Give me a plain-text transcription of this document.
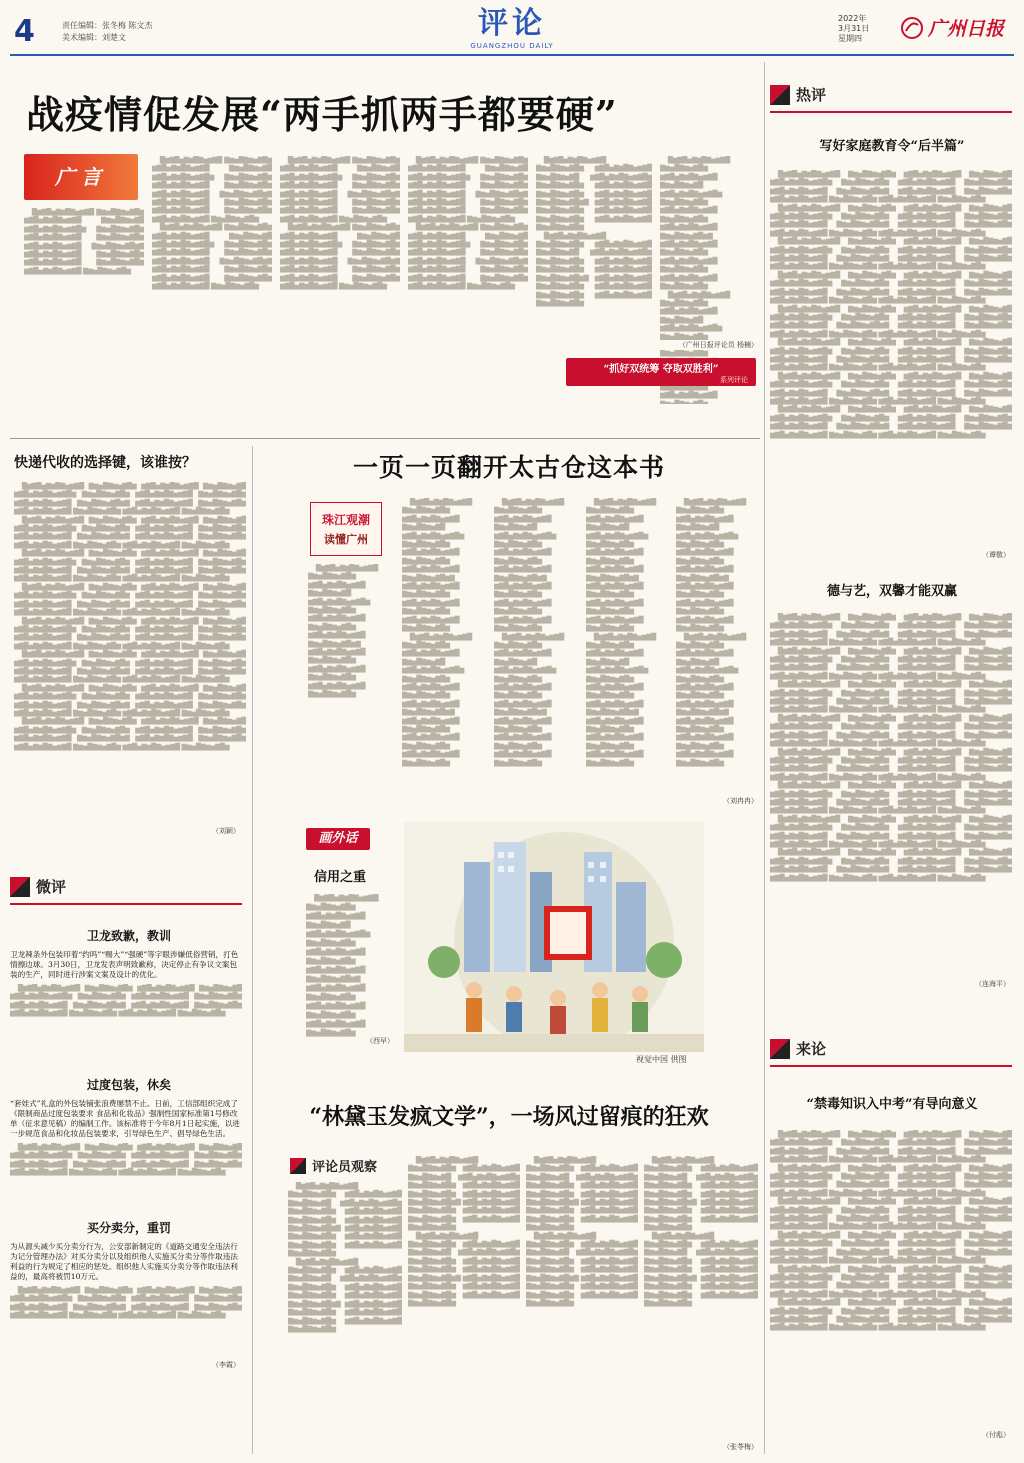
4	责任编辑：张冬梅 陈文杰
美术编辑：刘楚文	评论
GUANGZHOU DAILY
2022年
3月31日
星期四	广州日报
战疫情促发展“两手抓两手都要硬”
广言

█▆▇█▅▇▆█▇▅▆▇█ ▇▆▅█▇▆▅▇█▆ ▆▇█▅▇▆█▇▅▆▇█ ▇▆▅█▇▆▅▇█ ▆▇█▅▇▆█▇▅▆▇█▆ ▇▆▅█▇▆▅▇█▆ ▆▇█▅▇▆█▇▅▆▇█ ▇▆▅█▇▆▅▇█▆ ▆▇█▅▇▆█▇▅▆▇█ ▇▆▅█▇▆▅▇█▆▇ ▆▇█▅▇▆█▇▅▆▇█ ▇▆▅█▇▆▅▇█▆ ▆▇█▅▇▆█▇▅▆▇█ ▇▆▅█▇▆▅▇█▆ ▆▇█▅▇▆█▇▅▆▇█ ▇▆▅█▇▆▅▇█▆

█▆▇█▅▇▆█▇▅▆▇█ ▇▆▅█▇▆▅▇█▆ ▆▇█▅▇▆█▇▅▆▇█ ▇▆▅█▇▆▅▇█ ▆▇█▅▇▆█▇▅▆▇█▆ ▇▆▅█▇▆▅▇█▆ ▆▇█▅▇▆█▇▅▆▇█ ▇▆▅█▇▆▅▇█▆ ▆▇█▅▇▆█▇▅▆▇█ ▇▆▅█▇▆▅▇█▆▇ ▆▇█▅▇▆█▇▅▆▇█ ▇▆▅█▇▆▅▇█▆ ▆▇█▅▇▆█▇▅▆▇█ ▇▆▅█▇▆▅▇█▆ ▆▇█▅▇▆█▇▅▆▇█ ▇▆▅█▇▆▅▇█▆

█▆▇█▅▇▆█▇▅▆▇█ ▇▆▅█▇▆▅▇█▆ ▆▇█▅▇▆█▇▅▆▇█ ▇▆▅█▇▆▅▇█ ▆▇█▅▇▆█▇▅▆▇█▆ ▇▆▅█▇▆▅▇█▆ ▆▇█▅▇▆█▇▅▆▇█ ▇▆▅█▇▆▅▇█▆ ▆▇█▅▇▆█▇▅▆▇█ ▇▆▅█▇▆▅▇█▆▇ ▆▇█▅▇▆█▇▅▆▇█ ▇▆▅█▇▆▅▇█▆ ▆▇█▅▇▆█▇▅▆▇█ ▇▆▅█▇▆▅▇█▆ ▆▇█▅▇▆█▇▅▆▇█ ▇▆▅█▇▆▅▇█▆

█▆▇█▅▇▆█▇▅▆▇█ ▇▆▅█▇▆▅▇█▆ ▆▇█▅▇▆█▇▅▆▇█ ▇▆▅█▇▆▅▇█ ▆▇█▅▇▆█▇▅▆▇█▆ ▇▆▅█▇▆▅▇█▆ ▆▇█▅▇▆█▇▅▆▇█ ▇▆▅█▇▆▅▇█▆ ▆▇█▅▇▆█▇▅▆▇█ ▇▆▅█▇▆▅▇█▆▇ ▆▇█▅▇▆█▇▅▆▇█ ▇▆▅█▇▆▅▇█▆ ▆▇█▅▇▆█▇▅▆▇█ ▇▆▅█▇▆▅▇█▆ ▆▇█▅▇▆█▇▅▆▇█ ▇▆▅█▇▆▅▇█▆

█▆▇█▅▇▆█▇▅▆▇█ ▇▆▅█▇▆▅▇█▆ ▆▇█▅▇▆█▇▅▆▇█ ▇▆▅█▇▆▅▇█ ▆▇█▅▇▆█▇▅▆▇█▆ ▇▆▅█▇▆▅▇█▆ ▆▇█▅▇▆█▇▅▆▇█ ▇▆▅█▇▆▅▇█▆ ▆▇█▅▇▆█▇▅▆▇█ ▇▆▅█▇▆▅▇█▆▇ ▆▇█▅▇▆█▇▅▆▇█ ▇▆▅█▇▆▅▇█▆ ▆▇█▅▇▆█▇▅▆▇█ ▇▆▅█▇▆▅▇█▆ ▆▇█▅▇▆█▇▅▆▇█ ▇▆▅█▇▆▅▇█▆

█▆▇█▅▇▆█▇▅▆▇█ ▇▆▅█▇▆▅▇█▆ ▆▇█▅▇▆█▇▅▆▇█ ▇▆▅█▇▆▅▇█ ▆▇█▅▇▆█▇▅▆▇█▆ ▇▆▅█▇▆▅▇█▆ ▆▇█▅▇▆█▇▅▆▇█ ▇▆▅█▇▆▅▇█▆ ▆▇█▅▇▆█▇▅▆▇█ ▇▆▅█▇▆▅▇█▆▇ ▆▇█▅▇▆█▇▅▆▇█ ▇▆▅█▇▆▅▇█▆ ▆▇█▅▇▆█▇▅▆▇█ ▇▆▅█▇▆▅▇█▆ ▆▇█▅▇▆█▇▅▆▇█ ▇▆▅█▇▆▅▇█▆

█▆▇█▅▇▆█▇▅▆▇█ ▇▆▅█▇▆▅▇█▆ ▆▇█▅▇▆█▇▅▆▇█ ▇▆▅█▇▆▅▇█ ▆▇█▅▇▆█▇▅▆▇█▆ ▇▆▅█▇▆▅▇█▆ ▆▇█▅▇▆█▇▅▆▇█ ▇▆▅█▇▆▅▇█▆ ▆▇█▅▇▆█▇▅▆▇█ ▇▆▅█▇▆▅▇█▆▇ ▆▇█▅▇▆█▇▅▆▇█ ▇▆▅█▇▆▅▇█▆ ▆▇█▅▇▆█▇▅▆▇█ ▇▆▅█▇▆▅▇█▆ ▆▇█▅▇▆█▇▅▆▇█ ▇▆▅█▇▆▅▇█▆

█▆▇█▅▇▆█▇▅▆▇█ ▇▆▅█▇▆▅▇█▆ ▆▇█▅▇▆█▇▅▆▇█ ▇▆▅█▇▆▅▇█ ▆▇█▅▇▆█▇▅▆▇█▆ ▇▆▅█▇▆▅▇█▆ ▆▇█▅▇▆█▇▅▆▇█ ▇▆▅█▇▆▅▇█▆ ▆▇█▅▇▆█▇▅▆▇█ ▇▆▅█▇▆▅▇█▆▇ ▆▇█▅▇▆█▇▅▆▇█ ▇▆▅█▇▆▅▇█▆ ▆▇█▅▇▆█▇▅▆▇█ ▇▆▅█▇▆▅▇█▆ ▆▇█▅▇▆█▇▅▆▇█ ▇▆▅█▇▆▅▇█▆

█▆▇█▅▇▆█▇▅▆▇█ ▇▆▅█▇▆▅▇█▆ ▆▇█▅▇▆█▇▅▆▇█ ▇▆▅█▇▆▅▇█ ▆▇█▅▇▆█▇▅▆▇█▆ ▇▆▅█▇▆▅▇█▆ ▆▇█▅▇▆█▇▅▆▇█ ▇▆▅█▇▆▅▇█▆ ▆▇█▅▇▆█▇▅▆▇█ ▇▆▅█▇▆▅▇█▆▇ ▆▇█▅▇▆█▇▅▆▇█ ▇▆▅█▇▆▅▇█▆ ▆▇█▅▇▆█▇▅▆▇█ ▇▆▅█▇▆▅▇█▆ ▆▇█▅▇▆█▇▅▆▇█ ▇▆▅█▇▆▅▇█▆

█▆▇█▅▇▆█▇▅▆▇█ ▇▆▅█▇▆▅▇█▆ ▆▇█▅▇▆█▇▅▆▇█ ▇▆▅█▇▆▅▇█ ▆▇█▅▇▆█▇▅▆▇█▆ ▇▆▅█▇▆▅▇█▆ ▆▇█▅▇▆█▇▅▆▇█ ▇▆▅█▇▆▅▇█▆ ▆▇█▅▇▆█▇▅▆▇█ ▇▆▅█▇▆▅▇█▆▇ ▆▇█▅▇▆█▇▅▆▇█ ▇▆▅█▇▆▅▇█▆ ▆▇█▅▇▆█▇▅▆▇█ ▇▆▅█▇▆▅▇█▆ ▆▇█▅▇▆█▇▅▆▇█ ▇▆▅█▇▆▅▇█▆

█▆▇█▅▇▆█▇▅▆▇█ ▇▆▅█▇▆▅▇█▆ ▆▇█▅▇▆█▇▅▆▇█ ▇▆▅█▇▆▅▇█ ▆▇█▅▇▆█▇▅▆▇█▆ ▇▆▅█▇▆▅▇█▆ ▆▇█▅▇▆█▇▅▆▇█ ▇▆▅█▇▆▅▇█▆ ▆▇█▅▇▆█▇▅▆▇█ ▇▆▅█▇▆▅▇█▆▇ ▆▇█▅▇▆█▇▅▆▇█ ▇▆▅█▇▆▅▇█▆ ▆▇█▅▇▆█▇▅▆▇█ ▇▆▅█▇▆▅▇█▆ ▆▇█▅▇▆█▇▅▆▇█ ▇▆▅█▇▆▅▇█▆

（广州日报评论员 杨楠）
“抓好双统筹 夺取双胜利”
系列评论
快递代收的选择键，该谁按？

█▆▇█▅▇▆█▇▅▆▇█ ▇▆▅█▇▆▅▇█▆ ▆▇█▅▇▆█▇▅▆▇█ ▇▆▅█▇▆▅▇█ ▆▇█▅▇▆█▇▅▆▇█▆ ▇▆▅█▇▆▅▇█▆ ▆▇█▅▇▆█▇▅▆▇█ ▇▆▅█▇▆▅▇█▆ ▆▇█▅▇▆█▇▅▆▇█ ▇▆▅█▇▆▅▇█▆▇ ▆▇█▅▇▆█▇▅▆▇█ ▇▆▅█▇▆▅▇█▆ ▆▇█▅▇▆█▇▅▆▇█ ▇▆▅█▇▆▅▇█▆ ▆▇█▅▇▆█▇▅▆▇█ ▇▆▅█▇▆▅▇█▆

█▆▇█▅▇▆█▇▅▆▇█ ▇▆▅█▇▆▅▇█▆ ▆▇█▅▇▆█▇▅▆▇█ ▇▆▅█▇▆▅▇█ ▆▇█▅▇▆█▇▅▆▇█▆ ▇▆▅█▇▆▅▇█▆ ▆▇█▅▇▆█▇▅▆▇█ ▇▆▅█▇▆▅▇█▆ ▆▇█▅▇▆█▇▅▆▇█ ▇▆▅█▇▆▅▇█▆▇ ▆▇█▅▇▆█▇▅▆▇█ ▇▆▅█▇▆▅▇█▆ ▆▇█▅▇▆█▇▅▆▇█ ▇▆▅█▇▆▅▇█▆ ▆▇█▅▇▆█▇▅▆▇█ ▇▆▅█▇▆▅▇█▆

█▆▇█▅▇▆█▇▅▆▇█ ▇▆▅█▇▆▅▇█▆ ▆▇█▅▇▆█▇▅▆▇█ ▇▆▅█▇▆▅▇█ ▆▇█▅▇▆█▇▅▆▇█▆ ▇▆▅█▇▆▅▇█▆ ▆▇█▅▇▆█▇▅▆▇█ ▇▆▅█▇▆▅▇█▆ ▆▇█▅▇▆█▇▅▆▇█ ▇▆▅█▇▆▅▇█▆▇ ▆▇█▅▇▆█▇▅▆▇█ ▇▆▅█▇▆▅▇█▆ ▆▇█▅▇▆█▇▅▆▇█ ▇▆▅█▇▆▅▇█▆ ▆▇█▅▇▆█▇▅▆▇█ ▇▆▅█▇▆▅▇█▆

█▆▇█▅▇▆█▇▅▆▇█ ▇▆▅█▇▆▅▇█▆ ▆▇█▅▇▆█▇▅▆▇█ ▇▆▅█▇▆▅▇█ ▆▇█▅▇▆█▇▅▆▇█▆ ▇▆▅█▇▆▅▇█▆ ▆▇█▅▇▆█▇▅▆▇█ ▇▆▅█▇▆▅▇█▆ ▆▇█▅▇▆█▇▅▆▇█ ▇▆▅█▇▆▅▇█▆▇ ▆▇█▅▇▆█▇▅▆▇█ ▇▆▅█▇▆▅▇█▆ ▆▇█▅▇▆█▇▅▆▇█ ▇▆▅█▇▆▅▇█▆ ▆▇█▅▇▆█▇▅▆▇█ ▇▆▅█▇▆▅▇█▆

█▆▇█▅▇▆█▇▅▆▇█ ▇▆▅█▇▆▅▇█▆ ▆▇█▅▇▆█▇▅▆▇█ ▇▆▅█▇▆▅▇█ ▆▇█▅▇▆█▇▅▆▇█▆ ▇▆▅█▇▆▅▇█▆ ▆▇█▅▇▆█▇▅▆▇█ ▇▆▅█▇▆▅▇█▆ ▆▇█▅▇▆█▇▅▆▇█ ▇▆▅█▇▆▅▇█▆▇ ▆▇█▅▇▆█▇▅▆▇█ ▇▆▅█▇▆▅▇█▆ ▆▇█▅▇▆█▇▅▆▇█ ▇▆▅█▇▆▅▇█▆ ▆▇█▅▇▆█▇▅▆▇█ ▇▆▅█▇▆▅▇█▆

█▆▇█▅▇▆█▇▅▆▇█ ▇▆▅█▇▆▅▇█▆ ▆▇█▅▇▆█▇▅▆▇█ ▇▆▅█▇▆▅▇█ ▆▇█▅▇▆█▇▅▆▇█▆ ▇▆▅█▇▆▅▇█▆ ▆▇█▅▇▆█▇▅▆▇█ ▇▆▅█▇▆▅▇█▆ ▆▇█▅▇▆█▇▅▆▇█ ▇▆▅█▇▆▅▇█▆▇ ▆▇█▅▇▆█▇▅▆▇█ ▇▆▅█▇▆▅▇█▆ ▆▇█▅▇▆█▇▅▆▇█ ▇▆▅█▇▆▅▇█▆ ▆▇█▅▇▆█▇▅▆▇█ ▇▆▅█▇▆▅▇█▆

█▆▇█▅▇▆█▇▅▆▇█ ▇▆▅█▇▆▅▇█▆ ▆▇█▅▇▆█▇▅▆▇█ ▇▆▅█▇▆▅▇█ ▆▇█▅▇▆█▇▅▆▇█▆ ▇▆▅█▇▆▅▇█▆ ▆▇█▅▇▆█▇▅▆▇█ ▇▆▅█▇▆▅▇█▆ ▆▇█▅▇▆█▇▅▆▇█ ▇▆▅█▇▆▅▇█▆▇ ▆▇█▅▇▆█▇▅▆▇█ ▇▆▅█▇▆▅▇█▆ ▆▇█▅▇▆█▇▅▆▇█ ▇▆▅█▇▆▅▇█▆ ▆▇█▅▇▆█▇▅▆▇█ ▇▆▅█▇▆▅▇█▆

█▆▇█▅▇▆█▇▅▆▇█ ▇▆▅█▇▆▅▇█▆ ▆▇█▅▇▆█▇▅▆▇█ ▇▆▅█▇▆▅▇█ ▆▇█▅▇▆█▇▅▆▇█▆ ▇▆▅█▇▆▅▇█▆ ▆▇█▅▇▆█▇▅▆▇█ ▇▆▅█▇▆▅▇█▆ ▆▇█▅▇▆█▇▅▆▇█ ▇▆▅█▇▆▅▇█▆▇ ▆▇█▅▇▆█▇▅▆▇█ ▇▆▅█▇▆▅▇█▆ ▆▇█▅▇▆█▇▅▆▇█ ▇▆▅█▇▆▅▇█▆ ▆▇█▅▇▆█▇▅▆▇█ ▇▆▅█▇▆▅▇█▆

（刘颖）
微评
卫龙致歉，教训
卫龙辣条外包装印着“约吗”“赐大”“强硬”等字眼涉嫌低俗营销，打色情擦边球。3月30日，卫龙发表声明致歉称，决定停止有争议文案包装的生产，同时进行涉案文案及设计的优化。

█▆▇█▅▇▆█▇▅▆▇█ ▇▆▅█▇▆▅▇█▆ ▆▇█▅▇▆█▇▅▆▇█ ▇▆▅█▇▆▅▇█ ▆▇█▅▇▆█▇▅▆▇█▆ ▇▆▅█▇▆▅▇█▆ ▆▇█▅▇▆█▇▅▆▇█ ▇▆▅█▇▆▅▇█▆ ▆▇█▅▇▆█▇▅▆▇█ ▇▆▅█▇▆▅▇█▆▇ ▆▇█▅▇▆█▇▅▆▇█ ▇▆▅█▇▆▅▇█▆ ▆▇█▅▇▆█▇▅▆▇█ ▇▆▅█▇▆▅▇█▆ ▆▇█▅▇▆█▇▅▆▇█ ▇▆▅█▇▆▅▇█▆

过度包装，休矣
“套娃式”礼盒的外包装铺张浪费屡禁不止。日前，工信部组织完成了《限制商品过度包装要求 食品和化妆品》强制性国家标准第1号修改单（征求意见稿）的编制工作。该标准将于今年8月1日起实施，以进一步规范食品和化妆品包装要求，引导绿色生产、倡导绿色生活。

█▆▇█▅▇▆█▇▅▆▇█ ▇▆▅█▇▆▅▇█▆ ▆▇█▅▇▆█▇▅▆▇█ ▇▆▅█▇▆▅▇█ ▆▇█▅▇▆█▇▅▆▇█▆ ▇▆▅█▇▆▅▇█▆ ▆▇█▅▇▆█▇▅▆▇█ ▇▆▅█▇▆▅▇█▆ ▆▇█▅▇▆█▇▅▆▇█ ▇▆▅█▇▆▅▇█▆▇ ▆▇█▅▇▆█▇▅▆▇█ ▇▆▅█▇▆▅▇█▆ ▆▇█▅▇▆█▇▅▆▇█ ▇▆▅█▇▆▅▇█▆ ▆▇█▅▇▆█▇▅▆▇█ ▇▆▅█▇▆▅▇█▆

买分卖分，重罚
为从源头减少买分卖分行为，公安部新制定的《道路交通安全违法行为记分管理办法》对买分卖分以及组织他人实施买分卖分等作取违法利益的行为规定了相应的惩处。组织他人实施买分卖分等作取违法利益的，最高将被罚10万元。

█▆▇█▅▇▆█▇▅▆▇█ ▇▆▅█▇▆▅▇█▆ ▆▇█▅▇▆█▇▅▆▇█ ▇▆▅█▇▆▅▇█ ▆▇█▅▇▆█▇▅▆▇█▆ ▇▆▅█▇▆▅▇█▆ ▆▇█▅▇▆█▇▅▆▇█ ▇▆▅█▇▆▅▇█▆ ▆▇█▅▇▆█▇▅▆▇█ ▇▆▅█▇▆▅▇█▆▇ ▆▇█▅▇▆█▇▅▆▇█ ▇▆▅█▇▆▅▇█▆ ▆▇█▅▇▆█▇▅▆▇█ ▇▆▅█▇▆▅▇█▆ ▆▇█▅▇▆█▇▅▆▇█ ▇▆▅█▇▆▅▇█▆

（李霞）
一页一页翻开太古仓这本书
珠江观潮
读懂广州

█▆▇█▅▇▆█▇▅▆▇█ ▇▆▅█▇▆▅▇█▆ ▆▇█▅▇▆█▇▅▆▇█ ▇▆▅█▇▆▅▇█ ▆▇█▅▇▆█▇▅▆▇█▆ ▇▆▅█▇▆▅▇█▆ ▆▇█▅▇▆█▇▅▆▇█ ▇▆▅█▇▆▅▇█▆ ▆▇█▅▇▆█▇▅▆▇█ ▇▆▅█▇▆▅▇█▆▇ ▆▇█▅▇▆█▇▅▆▇█ ▇▆▅█▇▆▅▇█▆ ▆▇█▅▇▆█▇▅▆▇█ ▇▆▅█▇▆▅▇█▆ ▆▇█▅▇▆█▇▅▆▇█ ▇▆▅█▇▆▅▇█▆

█▆▇█▅▇▆█▇▅▆▇█ ▇▆▅█▇▆▅▇█▆ ▆▇█▅▇▆█▇▅▆▇█ ▇▆▅█▇▆▅▇█ ▆▇█▅▇▆█▇▅▆▇█▆ ▇▆▅█▇▆▅▇█▆ ▆▇█▅▇▆█▇▅▆▇█ ▇▆▅█▇▆▅▇█▆ ▆▇█▅▇▆█▇▅▆▇█ ▇▆▅█▇▆▅▇█▆▇ ▆▇█▅▇▆█▇▅▆▇█ ▇▆▅█▇▆▅▇█▆ ▆▇█▅▇▆█▇▅▆▇█ ▇▆▅█▇▆▅▇█▆ ▆▇█▅▇▆█▇▅▆▇█ ▇▆▅█▇▆▅▇█▆

█▆▇█▅▇▆█▇▅▆▇█ ▇▆▅█▇▆▅▇█▆ ▆▇█▅▇▆█▇▅▆▇█ ▇▆▅█▇▆▅▇█ ▆▇█▅▇▆█▇▅▆▇█▆ ▇▆▅█▇▆▅▇█▆ ▆▇█▅▇▆█▇▅▆▇█ ▇▆▅█▇▆▅▇█▆ ▆▇█▅▇▆█▇▅▆▇█ ▇▆▅█▇▆▅▇█▆▇ ▆▇█▅▇▆█▇▅▆▇█ ▇▆▅█▇▆▅▇█▆ ▆▇█▅▇▆█▇▅▆▇█ ▇▆▅█▇▆▅▇█▆ ▆▇█▅▇▆█▇▅▆▇█ ▇▆▅█▇▆▅▇█▆

█▆▇█▅▇▆█▇▅▆▇█ ▇▆▅█▇▆▅▇█▆ ▆▇█▅▇▆█▇▅▆▇█ ▇▆▅█▇▆▅▇█ ▆▇█▅▇▆█▇▅▆▇█▆ ▇▆▅█▇▆▅▇█▆ ▆▇█▅▇▆█▇▅▆▇█ ▇▆▅█▇▆▅▇█▆ ▆▇█▅▇▆█▇▅▆▇█ ▇▆▅█▇▆▅▇█▆▇ ▆▇█▅▇▆█▇▅▆▇█ ▇▆▅█▇▆▅▇█▆ ▆▇█▅▇▆█▇▅▆▇█ ▇▆▅█▇▆▅▇█▆ ▆▇█▅▇▆█▇▅▆▇█ ▇▆▅█▇▆▅▇█▆

█▆▇█▅▇▆█▇▅▆▇█ ▇▆▅█▇▆▅▇█▆ ▆▇█▅▇▆█▇▅▆▇█ ▇▆▅█▇▆▅▇█ ▆▇█▅▇▆█▇▅▆▇█▆ ▇▆▅█▇▆▅▇█▆ ▆▇█▅▇▆█▇▅▆▇█ ▇▆▅█▇▆▅▇█▆ ▆▇█▅▇▆█▇▅▆▇█ ▇▆▅█▇▆▅▇█▆▇ ▆▇█▅▇▆█▇▅▆▇█ ▇▆▅█▇▆▅▇█▆ ▆▇█▅▇▆█▇▅▆▇█ ▇▆▅█▇▆▅▇█▆ ▆▇█▅▇▆█▇▅▆▇█ ▇▆▅█▇▆▅▇█▆

█▆▇█▅▇▆█▇▅▆▇█ ▇▆▅█▇▆▅▇█▆ ▆▇█▅▇▆█▇▅▆▇█ ▇▆▅█▇▆▅▇█ ▆▇█▅▇▆█▇▅▆▇█▆ ▇▆▅█▇▆▅▇█▆ ▆▇█▅▇▆█▇▅▆▇█ ▇▆▅█▇▆▅▇█▆ ▆▇█▅▇▆█▇▅▆▇█ ▇▆▅█▇▆▅▇█▆▇ ▆▇█▅▇▆█▇▅▆▇█ ▇▆▅█▇▆▅▇█▆ ▆▇█▅▇▆█▇▅▆▇█ ▇▆▅█▇▆▅▇█▆ ▆▇█▅▇▆█▇▅▆▇█ ▇▆▅█▇▆▅▇█▆

█▆▇█▅▇▆█▇▅▆▇█ ▇▆▅█▇▆▅▇█▆ ▆▇█▅▇▆█▇▅▆▇█ ▇▆▅█▇▆▅▇█ ▆▇█▅▇▆█▇▅▆▇█▆ ▇▆▅█▇▆▅▇█▆ ▆▇█▅▇▆█▇▅▆▇█ ▇▆▅█▇▆▅▇█▆ ▆▇█▅▇▆█▇▅▆▇█ ▇▆▅█▇▆▅▇█▆▇ ▆▇█▅▇▆█▇▅▆▇█ ▇▆▅█▇▆▅▇█▆ ▆▇█▅▇▆█▇▅▆▇█ ▇▆▅█▇▆▅▇█▆ ▆▇█▅▇▆█▇▅▆▇█ ▇▆▅█▇▆▅▇█▆

█▆▇█▅▇▆█▇▅▆▇█ ▇▆▅█▇▆▅▇█▆ ▆▇█▅▇▆█▇▅▆▇█ ▇▆▅█▇▆▅▇█ ▆▇█▅▇▆█▇▅▆▇█▆ ▇▆▅█▇▆▅▇█▆ ▆▇█▅▇▆█▇▅▆▇█ ▇▆▅█▇▆▅▇█▆ ▆▇█▅▇▆█▇▅▆▇█ ▇▆▅█▇▆▅▇█▆▇ ▆▇█▅▇▆█▇▅▆▇█ ▇▆▅█▇▆▅▇█▆ ▆▇█▅▇▆█▇▅▆▇█ ▇▆▅█▇▆▅▇█▆ ▆▇█▅▇▆█▇▅▆▇█ ▇▆▅█▇▆▅▇█▆

█▆▇█▅▇▆█▇▅▆▇█ ▇▆▅█▇▆▅▇█▆ ▆▇█▅▇▆█▇▅▆▇█ ▇▆▅█▇▆▅▇█ ▆▇█▅▇▆█▇▅▆▇█▆ ▇▆▅█▇▆▅▇█▆ ▆▇█▅▇▆█▇▅▆▇█ ▇▆▅█▇▆▅▇█▆ ▆▇█▅▇▆█▇▅▆▇█ ▇▆▅█▇▆▅▇█▆▇ ▆▇█▅▇▆█▇▅▆▇█ ▇▆▅█▇▆▅▇█▆ ▆▇█▅▇▆█▇▅▆▇█ ▇▆▅█▇▆▅▇█▆ ▆▇█▅▇▆█▇▅▆▇█ ▇▆▅█▇▆▅▇█▆

（刘冉冉）
画外话
信用之重

█▆▇█▅▇▆█▇▅▆▇█ ▇▆▅█▇▆▅▇█▆ ▆▇█▅▇▆█▇▅▆▇█ ▇▆▅█▇▆▅▇█ ▆▇█▅▇▆█▇▅▆▇█▆ ▇▆▅█▇▆▅▇█▆ ▆▇█▅▇▆█▇▅▆▇█ ▇▆▅█▇▆▅▇█▆ ▆▇█▅▇▆█▇▅▆▇█ ▇▆▅█▇▆▅▇█▆▇ ▆▇█▅▇▆█▇▅▆▇█ ▇▆▅█▇▆▅▇█▆ ▆▇█▅▇▆█▇▅▆▇█ ▇▆▅█▇▆▅▇█▆ ▆▇█▅▇▆█▇▅▆▇█ ▇▆▅█▇▆▅▇█▆

（西早）
视觉中国 供图
“林黛玉发疯文学”，一场风过留痕的狂欢
评论员观察

█▆▇█▅▇▆█▇▅▆▇█ ▇▆▅█▇▆▅▇█▆ ▆▇█▅▇▆█▇▅▆▇█ ▇▆▅█▇▆▅▇█ ▆▇█▅▇▆█▇▅▆▇█▆ ▇▆▅█▇▆▅▇█▆ ▆▇█▅▇▆█▇▅▆▇█ ▇▆▅█▇▆▅▇█▆ ▆▇█▅▇▆█▇▅▆▇█ ▇▆▅█▇▆▅▇█▆▇ ▆▇█▅▇▆█▇▅▆▇█ ▇▆▅█▇▆▅▇█▆ ▆▇█▅▇▆█▇▅▆▇█ ▇▆▅█▇▆▅▇█▆ ▆▇█▅▇▆█▇▅▆▇█ ▇▆▅█▇▆▅▇█▆

█▆▇█▅▇▆█▇▅▆▇█ ▇▆▅█▇▆▅▇█▆ ▆▇█▅▇▆█▇▅▆▇█ ▇▆▅█▇▆▅▇█ ▆▇█▅▇▆█▇▅▆▇█▆ ▇▆▅█▇▆▅▇█▆ ▆▇█▅▇▆█▇▅▆▇█ ▇▆▅█▇▆▅▇█▆ ▆▇█▅▇▆█▇▅▆▇█ ▇▆▅█▇▆▅▇█▆▇ ▆▇█▅▇▆█▇▅▆▇█ ▇▆▅█▇▆▅▇█▆ ▆▇█▅▇▆█▇▅▆▇█ ▇▆▅█▇▆▅▇█▆ ▆▇█▅▇▆█▇▅▆▇█ ▇▆▅█▇▆▅▇█▆

█▆▇█▅▇▆█▇▅▆▇█ ▇▆▅█▇▆▅▇█▆ ▆▇█▅▇▆█▇▅▆▇█ ▇▆▅█▇▆▅▇█ ▆▇█▅▇▆█▇▅▆▇█▆ ▇▆▅█▇▆▅▇█▆ ▆▇█▅▇▆█▇▅▆▇█ ▇▆▅█▇▆▅▇█▆ ▆▇█▅▇▆█▇▅▆▇█ ▇▆▅█▇▆▅▇█▆▇ ▆▇█▅▇▆█▇▅▆▇█ ▇▆▅█▇▆▅▇█▆ ▆▇█▅▇▆█▇▅▆▇█ ▇▆▅█▇▆▅▇█▆ ▆▇█▅▇▆█▇▅▆▇█ ▇▆▅█▇▆▅▇█▆

█▆▇█▅▇▆█▇▅▆▇█ ▇▆▅█▇▆▅▇█▆ ▆▇█▅▇▆█▇▅▆▇█ ▇▆▅█▇▆▅▇█ ▆▇█▅▇▆█▇▅▆▇█▆ ▇▆▅█▇▆▅▇█▆ ▆▇█▅▇▆█▇▅▆▇█ ▇▆▅█▇▆▅▇█▆ ▆▇█▅▇▆█▇▅▆▇█ ▇▆▅█▇▆▅▇█▆▇ ▆▇█▅▇▆█▇▅▆▇█ ▇▆▅█▇▆▅▇█▆ ▆▇█▅▇▆█▇▅▆▇█ ▇▆▅█▇▆▅▇█▆ ▆▇█▅▇▆█▇▅▆▇█ ▇▆▅█▇▆▅▇█▆

█▆▇█▅▇▆█▇▅▆▇█ ▇▆▅█▇▆▅▇█▆ ▆▇█▅▇▆█▇▅▆▇█ ▇▆▅█▇▆▅▇█ ▆▇█▅▇▆█▇▅▆▇█▆ ▇▆▅█▇▆▅▇█▆ ▆▇█▅▇▆█▇▅▆▇█ ▇▆▅█▇▆▅▇█▆ ▆▇█▅▇▆█▇▅▆▇█ ▇▆▅█▇▆▅▇█▆▇ ▆▇█▅▇▆█▇▅▆▇█ ▇▆▅█▇▆▅▇█▆ ▆▇█▅▇▆█▇▅▆▇█ ▇▆▅█▇▆▅▇█▆ ▆▇█▅▇▆█▇▅▆▇█ ▇▆▅█▇▆▅▇█▆

█▆▇█▅▇▆█▇▅▆▇█ ▇▆▅█▇▆▅▇█▆ ▆▇█▅▇▆█▇▅▆▇█ ▇▆▅█▇▆▅▇█ ▆▇█▅▇▆█▇▅▆▇█▆ ▇▆▅█▇▆▅▇█▆ ▆▇█▅▇▆█▇▅▆▇█ ▇▆▅█▇▆▅▇█▆ ▆▇█▅▇▆█▇▅▆▇█ ▇▆▅█▇▆▅▇█▆▇ ▆▇█▅▇▆█▇▅▆▇█ ▇▆▅█▇▆▅▇█▆ ▆▇█▅▇▆█▇▅▆▇█ ▇▆▅█▇▆▅▇█▆ ▆▇█▅▇▆█▇▅▆▇█ ▇▆▅█▇▆▅▇█▆

█▆▇█▅▇▆█▇▅▆▇█ ▇▆▅█▇▆▅▇█▆ ▆▇█▅▇▆█▇▅▆▇█ ▇▆▅█▇▆▅▇█ ▆▇█▅▇▆█▇▅▆▇█▆ ▇▆▅█▇▆▅▇█▆ ▆▇█▅▇▆█▇▅▆▇█ ▇▆▅█▇▆▅▇█▆ ▆▇█▅▇▆█▇▅▆▇█ ▇▆▅█▇▆▅▇█▆▇ ▆▇█▅▇▆█▇▅▆▇█ ▇▆▅█▇▆▅▇█▆ ▆▇█▅▇▆█▇▅▆▇█ ▇▆▅█▇▆▅▇█▆ ▆▇█▅▇▆█▇▅▆▇█ ▇▆▅█▇▆▅▇█▆

█▆▇█▅▇▆█▇▅▆▇█ ▇▆▅█▇▆▅▇█▆ ▆▇█▅▇▆█▇▅▆▇█ ▇▆▅█▇▆▅▇█ ▆▇█▅▇▆█▇▅▆▇█▆ ▇▆▅█▇▆▅▇█▆ ▆▇█▅▇▆█▇▅▆▇█ ▇▆▅█▇▆▅▇█▆ ▆▇█▅▇▆█▇▅▆▇█ ▇▆▅█▇▆▅▇█▆▇ ▆▇█▅▇▆█▇▅▆▇█ ▇▆▅█▇▆▅▇█▆ ▆▇█▅▇▆█▇▅▆▇█ ▇▆▅█▇▆▅▇█▆ ▆▇█▅▇▆█▇▅▆▇█ ▇▆▅█▇▆▅▇█▆

（张苓梅）
热评
写好家庭教育令“后半篇”

█▆▇█▅▇▆█▇▅▆▇█ ▇▆▅█▇▆▅▇█▆ ▆▇█▅▇▆█▇▅▆▇█ ▇▆▅█▇▆▅▇█ ▆▇█▅▇▆█▇▅▆▇█▆ ▇▆▅█▇▆▅▇█▆ ▆▇█▅▇▆█▇▅▆▇█ ▇▆▅█▇▆▅▇█▆ ▆▇█▅▇▆█▇▅▆▇█ ▇▆▅█▇▆▅▇█▆▇ ▆▇█▅▇▆█▇▅▆▇█ ▇▆▅█▇▆▅▇█▆ ▆▇█▅▇▆█▇▅▆▇█ ▇▆▅█▇▆▅▇█▆ ▆▇█▅▇▆█▇▅▆▇█ ▇▆▅█▇▆▅▇█▆

█▆▇█▅▇▆█▇▅▆▇█ ▇▆▅█▇▆▅▇█▆ ▆▇█▅▇▆█▇▅▆▇█ ▇▆▅█▇▆▅▇█ ▆▇█▅▇▆█▇▅▆▇█▆ ▇▆▅█▇▆▅▇█▆ ▆▇█▅▇▆█▇▅▆▇█ ▇▆▅█▇▆▅▇█▆ ▆▇█▅▇▆█▇▅▆▇█ ▇▆▅█▇▆▅▇█▆▇ ▆▇█▅▇▆█▇▅▆▇█ ▇▆▅█▇▆▅▇█▆ ▆▇█▅▇▆█▇▅▆▇█ ▇▆▅█▇▆▅▇█▆ ▆▇█▅▇▆█▇▅▆▇█ ▇▆▅█▇▆▅▇█▆

█▆▇█▅▇▆█▇▅▆▇█ ▇▆▅█▇▆▅▇█▆ ▆▇█▅▇▆█▇▅▆▇█ ▇▆▅█▇▆▅▇█ ▆▇█▅▇▆█▇▅▆▇█▆ ▇▆▅█▇▆▅▇█▆ ▆▇█▅▇▆█▇▅▆▇█ ▇▆▅█▇▆▅▇█▆ ▆▇█▅▇▆█▇▅▆▇█ ▇▆▅█▇▆▅▇█▆▇ ▆▇█▅▇▆█▇▅▆▇█ ▇▆▅█▇▆▅▇█▆ ▆▇█▅▇▆█▇▅▆▇█ ▇▆▅█▇▆▅▇█▆ ▆▇█▅▇▆█▇▅▆▇█ ▇▆▅█▇▆▅▇█▆

█▆▇█▅▇▆█▇▅▆▇█ ▇▆▅█▇▆▅▇█▆ ▆▇█▅▇▆█▇▅▆▇█ ▇▆▅█▇▆▅▇█ ▆▇█▅▇▆█▇▅▆▇█▆ ▇▆▅█▇▆▅▇█▆ ▆▇█▅▇▆█▇▅▆▇█ ▇▆▅█▇▆▅▇█▆ ▆▇█▅▇▆█▇▅▆▇█ ▇▆▅█▇▆▅▇█▆▇ ▆▇█▅▇▆█▇▅▆▇█ ▇▆▅█▇▆▅▇█▆ ▆▇█▅▇▆█▇▅▆▇█ ▇▆▅█▇▆▅▇█▆ ▆▇█▅▇▆█▇▅▆▇█ ▇▆▅█▇▆▅▇█▆

█▆▇█▅▇▆█▇▅▆▇█ ▇▆▅█▇▆▅▇█▆ ▆▇█▅▇▆█▇▅▆▇█ ▇▆▅█▇▆▅▇█ ▆▇█▅▇▆█▇▅▆▇█▆ ▇▆▅█▇▆▅▇█▆ ▆▇█▅▇▆█▇▅▆▇█ ▇▆▅█▇▆▅▇█▆ ▆▇█▅▇▆█▇▅▆▇█ ▇▆▅█▇▆▅▇█▆▇ ▆▇█▅▇▆█▇▅▆▇█ ▇▆▅█▇▆▅▇█▆ ▆▇█▅▇▆█▇▅▆▇█ ▇▆▅█▇▆▅▇█▆ ▆▇█▅▇▆█▇▅▆▇█ ▇▆▅█▇▆▅▇█▆

█▆▇█▅▇▆█▇▅▆▇█ ▇▆▅█▇▆▅▇█▆ ▆▇█▅▇▆█▇▅▆▇█ ▇▆▅█▇▆▅▇█ ▆▇█▅▇▆█▇▅▆▇█▆ ▇▆▅█▇▆▅▇█▆ ▆▇█▅▇▆█▇▅▆▇█ ▇▆▅█▇▆▅▇█▆ ▆▇█▅▇▆█▇▅▆▇█ ▇▆▅█▇▆▅▇█▆▇ ▆▇█▅▇▆█▇▅▆▇█ ▇▆▅█▇▆▅▇█▆ ▆▇█▅▇▆█▇▅▆▇█ ▇▆▅█▇▆▅▇█▆ ▆▇█▅▇▆█▇▅▆▇█ ▇▆▅█▇▆▅▇█▆

█▆▇█▅▇▆█▇▅▆▇█ ▇▆▅█▇▆▅▇█▆ ▆▇█▅▇▆█▇▅▆▇█ ▇▆▅█▇▆▅▇█ ▆▇█▅▇▆█▇▅▆▇█▆ ▇▆▅█▇▆▅▇█▆ ▆▇█▅▇▆█▇▅▆▇█ ▇▆▅█▇▆▅▇█▆ ▆▇█▅▇▆█▇▅▆▇█ ▇▆▅█▇▆▅▇█▆▇ ▆▇█▅▇▆█▇▅▆▇█ ▇▆▅█▇▆▅▇█▆ ▆▇█▅▇▆█▇▅▆▇█ ▇▆▅█▇▆▅▇█▆ ▆▇█▅▇▆█▇▅▆▇█ ▇▆▅█▇▆▅▇█▆

█▆▇█▅▇▆█▇▅▆▇█ ▇▆▅█▇▆▅▇█▆ ▆▇█▅▇▆█▇▅▆▇█ ▇▆▅█▇▆▅▇█ ▆▇█▅▇▆█▇▅▆▇█▆ ▇▆▅█▇▆▅▇█▆ ▆▇█▅▇▆█▇▅▆▇█ ▇▆▅█▇▆▅▇█▆ ▆▇█▅▇▆█▇▅▆▇█ ▇▆▅█▇▆▅▇█▆▇ ▆▇█▅▇▆█▇▅▆▇█ ▇▆▅█▇▆▅▇█▆ ▆▇█▅▇▆█▇▅▆▇█ ▇▆▅█▇▆▅▇█▆ ▆▇█▅▇▆█▇▅▆▇█ ▇▆▅█▇▆▅▇█▆

（谭敬）
德与艺，双馨才能双赢

█▆▇█▅▇▆█▇▅▆▇█ ▇▆▅█▇▆▅▇█▆ ▆▇█▅▇▆█▇▅▆▇█ ▇▆▅█▇▆▅▇█ ▆▇█▅▇▆█▇▅▆▇█▆ ▇▆▅█▇▆▅▇█▆ ▆▇█▅▇▆█▇▅▆▇█ ▇▆▅█▇▆▅▇█▆ ▆▇█▅▇▆█▇▅▆▇█ ▇▆▅█▇▆▅▇█▆▇ ▆▇█▅▇▆█▇▅▆▇█ ▇▆▅█▇▆▅▇█▆ ▆▇█▅▇▆█▇▅▆▇█ ▇▆▅█▇▆▅▇█▆ ▆▇█▅▇▆█▇▅▆▇█ ▇▆▅█▇▆▅▇█▆

█▆▇█▅▇▆█▇▅▆▇█ ▇▆▅█▇▆▅▇█▆ ▆▇█▅▇▆█▇▅▆▇█ ▇▆▅█▇▆▅▇█ ▆▇█▅▇▆█▇▅▆▇█▆ ▇▆▅█▇▆▅▇█▆ ▆▇█▅▇▆█▇▅▆▇█ ▇▆▅█▇▆▅▇█▆ ▆▇█▅▇▆█▇▅▆▇█ ▇▆▅█▇▆▅▇█▆▇ ▆▇█▅▇▆█▇▅▆▇█ ▇▆▅█▇▆▅▇█▆ ▆▇█▅▇▆█▇▅▆▇█ ▇▆▅█▇▆▅▇█▆ ▆▇█▅▇▆█▇▅▆▇█ ▇▆▅█▇▆▅▇█▆

█▆▇█▅▇▆█▇▅▆▇█ ▇▆▅█▇▆▅▇█▆ ▆▇█▅▇▆█▇▅▆▇█ ▇▆▅█▇▆▅▇█ ▆▇█▅▇▆█▇▅▆▇█▆ ▇▆▅█▇▆▅▇█▆ ▆▇█▅▇▆█▇▅▆▇█ ▇▆▅█▇▆▅▇█▆ ▆▇█▅▇▆█▇▅▆▇█ ▇▆▅█▇▆▅▇█▆▇ ▆▇█▅▇▆█▇▅▆▇█ ▇▆▅█▇▆▅▇█▆ ▆▇█▅▇▆█▇▅▆▇█ ▇▆▅█▇▆▅▇█▆ ▆▇█▅▇▆█▇▅▆▇█ ▇▆▅█▇▆▅▇█▆

█▆▇█▅▇▆█▇▅▆▇█ ▇▆▅█▇▆▅▇█▆ ▆▇█▅▇▆█▇▅▆▇█ ▇▆▅█▇▆▅▇█ ▆▇█▅▇▆█▇▅▆▇█▆ ▇▆▅█▇▆▅▇█▆ ▆▇█▅▇▆█▇▅▆▇█ ▇▆▅█▇▆▅▇█▆ ▆▇█▅▇▆█▇▅▆▇█ ▇▆▅█▇▆▅▇█▆▇ ▆▇█▅▇▆█▇▅▆▇█ ▇▆▅█▇▆▅▇█▆ ▆▇█▅▇▆█▇▅▆▇█ ▇▆▅█▇▆▅▇█▆ ▆▇█▅▇▆█▇▅▆▇█ ▇▆▅█▇▆▅▇█▆

█▆▇█▅▇▆█▇▅▆▇█ ▇▆▅█▇▆▅▇█▆ ▆▇█▅▇▆█▇▅▆▇█ ▇▆▅█▇▆▅▇█ ▆▇█▅▇▆█▇▅▆▇█▆ ▇▆▅█▇▆▅▇█▆ ▆▇█▅▇▆█▇▅▆▇█ ▇▆▅█▇▆▅▇█▆ ▆▇█▅▇▆█▇▅▆▇█ ▇▆▅█▇▆▅▇█▆▇ ▆▇█▅▇▆█▇▅▆▇█ ▇▆▅█▇▆▅▇█▆ ▆▇█▅▇▆█▇▅▆▇█ ▇▆▅█▇▆▅▇█▆ ▆▇█▅▇▆█▇▅▆▇█ ▇▆▅█▇▆▅▇█▆

█▆▇█▅▇▆█▇▅▆▇█ ▇▆▅█▇▆▅▇█▆ ▆▇█▅▇▆█▇▅▆▇█ ▇▆▅█▇▆▅▇█ ▆▇█▅▇▆█▇▅▆▇█▆ ▇▆▅█▇▆▅▇█▆ ▆▇█▅▇▆█▇▅▆▇█ ▇▆▅█▇▆▅▇█▆ ▆▇█▅▇▆█▇▅▆▇█ ▇▆▅█▇▆▅▇█▆▇ ▆▇█▅▇▆█▇▅▆▇█ ▇▆▅█▇▆▅▇█▆ ▆▇█▅▇▆█▇▅▆▇█ ▇▆▅█▇▆▅▇█▆ ▆▇█▅▇▆█▇▅▆▇█ ▇▆▅█▇▆▅▇█▆

█▆▇█▅▇▆█▇▅▆▇█ ▇▆▅█▇▆▅▇█▆ ▆▇█▅▇▆█▇▅▆▇█ ▇▆▅█▇▆▅▇█ ▆▇█▅▇▆█▇▅▆▇█▆ ▇▆▅█▇▆▅▇█▆ ▆▇█▅▇▆█▇▅▆▇█ ▇▆▅█▇▆▅▇█▆ ▆▇█▅▇▆█▇▅▆▇█ ▇▆▅█▇▆▅▇█▆▇ ▆▇█▅▇▆█▇▅▆▇█ ▇▆▅█▇▆▅▇█▆ ▆▇█▅▇▆█▇▅▆▇█ ▇▆▅█▇▆▅▇█▆ ▆▇█▅▇▆█▇▅▆▇█ ▇▆▅█▇▆▅▇█▆

█▆▇█▅▇▆█▇▅▆▇█ ▇▆▅█▇▆▅▇█▆ ▆▇█▅▇▆█▇▅▆▇█ ▇▆▅█▇▆▅▇█ ▆▇█▅▇▆█▇▅▆▇█▆ ▇▆▅█▇▆▅▇█▆ ▆▇█▅▇▆█▇▅▆▇█ ▇▆▅█▇▆▅▇█▆ ▆▇█▅▇▆█▇▅▆▇█ ▇▆▅█▇▆▅▇█▆▇ ▆▇█▅▇▆█▇▅▆▇█ ▇▆▅█▇▆▅▇█▆ ▆▇█▅▇▆█▇▅▆▇█ ▇▆▅█▇▆▅▇█▆ ▆▇█▅▇▆█▇▅▆▇█ ▇▆▅█▇▆▅▇█▆

（连海平）
来论
“禁毒知识入中考”有导向意义

█▆▇█▅▇▆█▇▅▆▇█ ▇▆▅█▇▆▅▇█▆ ▆▇█▅▇▆█▇▅▆▇█ ▇▆▅█▇▆▅▇█ ▆▇█▅▇▆█▇▅▆▇█▆ ▇▆▅█▇▆▅▇█▆ ▆▇█▅▇▆█▇▅▆▇█ ▇▆▅█▇▆▅▇█▆ ▆▇█▅▇▆█▇▅▆▇█ ▇▆▅█▇▆▅▇█▆▇ ▆▇█▅▇▆█▇▅▆▇█ ▇▆▅█▇▆▅▇█▆ ▆▇█▅▇▆█▇▅▆▇█ ▇▆▅█▇▆▅▇█▆ ▆▇█▅▇▆█▇▅▆▇█ ▇▆▅█▇▆▅▇█▆

█▆▇█▅▇▆█▇▅▆▇█ ▇▆▅█▇▆▅▇█▆ ▆▇█▅▇▆█▇▅▆▇█ ▇▆▅█▇▆▅▇█ ▆▇█▅▇▆█▇▅▆▇█▆ ▇▆▅█▇▆▅▇█▆ ▆▇█▅▇▆█▇▅▆▇█ ▇▆▅█▇▆▅▇█▆ ▆▇█▅▇▆█▇▅▆▇█ ▇▆▅█▇▆▅▇█▆▇ ▆▇█▅▇▆█▇▅▆▇█ ▇▆▅█▇▆▅▇█▆ ▆▇█▅▇▆█▇▅▆▇█ ▇▆▅█▇▆▅▇█▆ ▆▇█▅▇▆█▇▅▆▇█ ▇▆▅█▇▆▅▇█▆

█▆▇█▅▇▆█▇▅▆▇█ ▇▆▅█▇▆▅▇█▆ ▆▇█▅▇▆█▇▅▆▇█ ▇▆▅█▇▆▅▇█ ▆▇█▅▇▆█▇▅▆▇█▆ ▇▆▅█▇▆▅▇█▆ ▆▇█▅▇▆█▇▅▆▇█ ▇▆▅█▇▆▅▇█▆ ▆▇█▅▇▆█▇▅▆▇█ ▇▆▅█▇▆▅▇█▆▇ ▆▇█▅▇▆█▇▅▆▇█ ▇▆▅█▇▆▅▇█▆ ▆▇█▅▇▆█▇▅▆▇█ ▇▆▅█▇▆▅▇█▆ ▆▇█▅▇▆█▇▅▆▇█ ▇▆▅█▇▆▅▇█▆

█▆▇█▅▇▆█▇▅▆▇█ ▇▆▅█▇▆▅▇█▆ ▆▇█▅▇▆█▇▅▆▇█ ▇▆▅█▇▆▅▇█ ▆▇█▅▇▆█▇▅▆▇█▆ ▇▆▅█▇▆▅▇█▆ ▆▇█▅▇▆█▇▅▆▇█ ▇▆▅█▇▆▅▇█▆ ▆▇█▅▇▆█▇▅▆▇█ ▇▆▅█▇▆▅▇█▆▇ ▆▇█▅▇▆█▇▅▆▇█ ▇▆▅█▇▆▅▇█▆ ▆▇█▅▇▆█▇▅▆▇█ ▇▆▅█▇▆▅▇█▆ ▆▇█▅▇▆█▇▅▆▇█ ▇▆▅█▇▆▅▇█▆

█▆▇█▅▇▆█▇▅▆▇█ ▇▆▅█▇▆▅▇█▆ ▆▇█▅▇▆█▇▅▆▇█ ▇▆▅█▇▆▅▇█ ▆▇█▅▇▆█▇▅▆▇█▆ ▇▆▅█▇▆▅▇█▆ ▆▇█▅▇▆█▇▅▆▇█ ▇▆▅█▇▆▅▇█▆ ▆▇█▅▇▆█▇▅▆▇█ ▇▆▅█▇▆▅▇█▆▇ ▆▇█▅▇▆█▇▅▆▇█ ▇▆▅█▇▆▅▇█▆ ▆▇█▅▇▆█▇▅▆▇█ ▇▆▅█▇▆▅▇█▆ ▆▇█▅▇▆█▇▅▆▇█ ▇▆▅█▇▆▅▇█▆

█▆▇█▅▇▆█▇▅▆▇█ ▇▆▅█▇▆▅▇█▆ ▆▇█▅▇▆█▇▅▆▇█ ▇▆▅█▇▆▅▇█ ▆▇█▅▇▆█▇▅▆▇█▆ ▇▆▅█▇▆▅▇█▆ ▆▇█▅▇▆█▇▅▆▇█ ▇▆▅█▇▆▅▇█▆ ▆▇█▅▇▆█▇▅▆▇█ ▇▆▅█▇▆▅▇█▆▇ ▆▇█▅▇▆█▇▅▆▇█ ▇▆▅█▇▆▅▇█▆ ▆▇█▅▇▆█▇▅▆▇█ ▇▆▅█▇▆▅▇█▆ ▆▇█▅▇▆█▇▅▆▇█ ▇▆▅█▇▆▅▇█▆

（付彪）
